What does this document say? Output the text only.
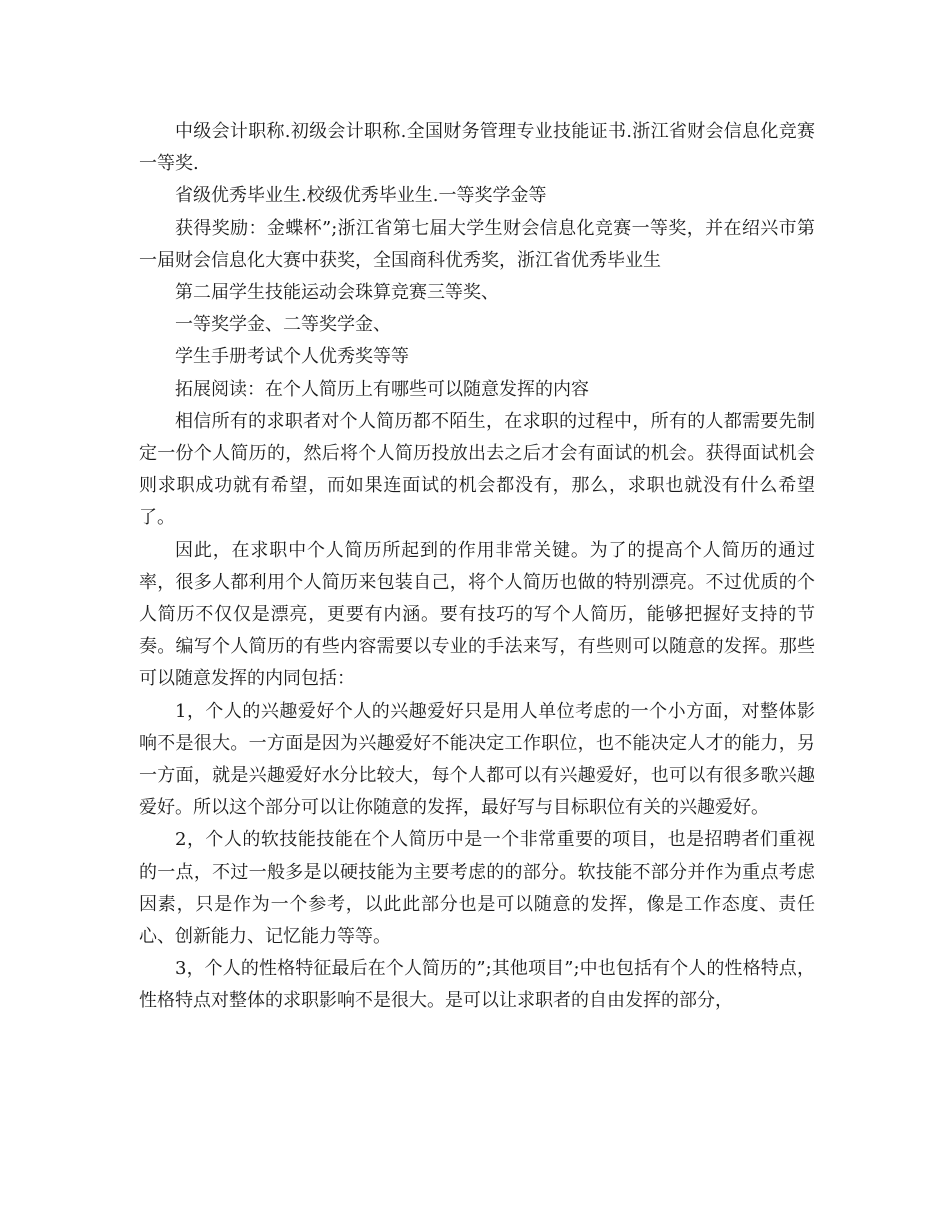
中级会计职称.初级会计职称.全国财务管理专业技能证书.浙江省财会信息化竞赛一等奖.

省级优秀毕业生.校级优秀毕业生.一等奖学金等

获得奖励：金蝶杯”;浙江省第七届大学生财会信息化竞赛一等奖，并在绍兴市第一届财会信息化大赛中获奖，全国商科优秀奖，浙江省优秀毕业生

第二届学生技能运动会珠算竞赛三等奖、

一等奖学金、二等奖学金、

学生手册考试个人优秀奖等等

拓展阅读：在个人简历上有哪些可以随意发挥的内容

相信所有的求职者对个人简历都不陌生，在求职的过程中，所有的人都需要先制定一份个人简历的，然后将个人简历投放出去之后才会有面试的机会。获得面试机会则求职成功就有希望，而如果连面试的机会都没有，那么，求职也就没有什么希望了。

因此，在求职中个人简历所起到的作用非常关键。为了的提高个人简历的通过率，很多人都利用个人简历来包装自己，将个人简历也做的特别漂亮。不过优质的个人简历不仅仅是漂亮，更要有内涵。要有技巧的写个人简历，能够把握好支持的节奏。编写个人简历的有些内容需要以专业的手法来写，有些则可以随意的发挥。那些可以随意发挥的内同包括：

1，个人的兴趣爱好个人的兴趣爱好只是用人单位考虑的一个小方面，对整体影响不是很大。一方面是因为兴趣爱好不能决定工作职位，也不能决定人才的能力，另一方面，就是兴趣爱好水分比较大，每个人都可以有兴趣爱好，也可以有很多歌兴趣爱好。所以这个部分可以让你随意的发挥，最好写与目标职位有关的兴趣爱好。

2，个人的软技能技能在个人简历中是一个非常重要的项目，也是招聘者们重视的一点，不过一般多是以硬技能为主要考虑的的部分。软技能不部分并作为重点考虑因素，只是作为一个参考，以此此部分也是可以随意的发挥，像是工作态度、责任心、创新能力、记忆能力等等。

3，个人的性格特征最后在个人简历的”;其他项目”;中也包括有个人的性格特点，性格特点对整体的求职影响不是很大。是可以让求职者的自由发挥的部分，
